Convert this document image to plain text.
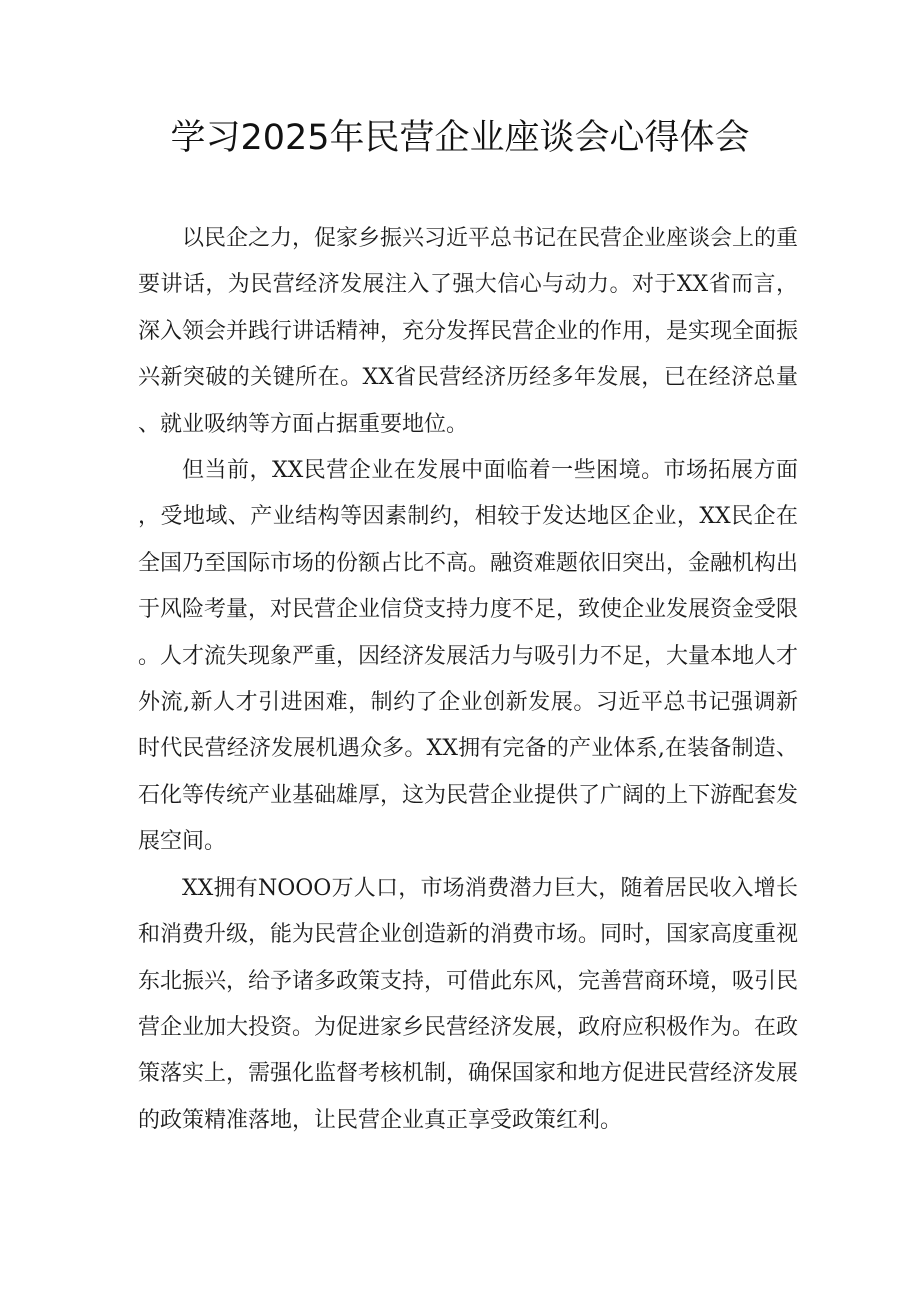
学习2025年民营企业座谈会心得体会

以民企之力，促家乡振兴习近平总书记在民营企业座谈会上的重要讲话，为民营经济发展注入了强大信心与动力。对于XX省而言，深入领会并践行讲话精神，充分发挥民营企业的作用，是实现全面振兴新突破的关键所在。XX省民营经济历经多年发展，已在经济总量、就业吸纳等方面占据重要地位。

但当前，XX民营企业在发展中面临着一些困境。市场拓展方面，受地域、产业结构等因素制约，相较于发达地区企业，XX民企在全国乃至国际市场的份额占比不高。融资难题依旧突出，金融机构出于风险考量，对民营企业信贷支持力度不足，致使企业发展资金受限。人才流失现象严重，因经济发展活力与吸引力不足，大量本地人才外流,新人才引进困难，制约了企业创新发展。习近平总书记强调新时代民营经济发展机遇众多。XX拥有完备的产业体系,在装备制造、石化等传统产业基础雄厚，这为民营企业提供了广阔的上下游配套发展空间。

XX拥有NOOO万人口，市场消费潜力巨大，随着居民收入增长和消费升级，能为民营企业创造新的消费市场。同时，国家高度重视东北振兴，给予诸多政策支持，可借此东风，完善营商环境，吸引民营企业加大投资。为促进家乡民营经济发展，政府应积极作为。在政策落实上，需强化监督考核机制，确保国家和地方促进民营经济发展的政策精准落地，让民营企业真正享受政策红利。
